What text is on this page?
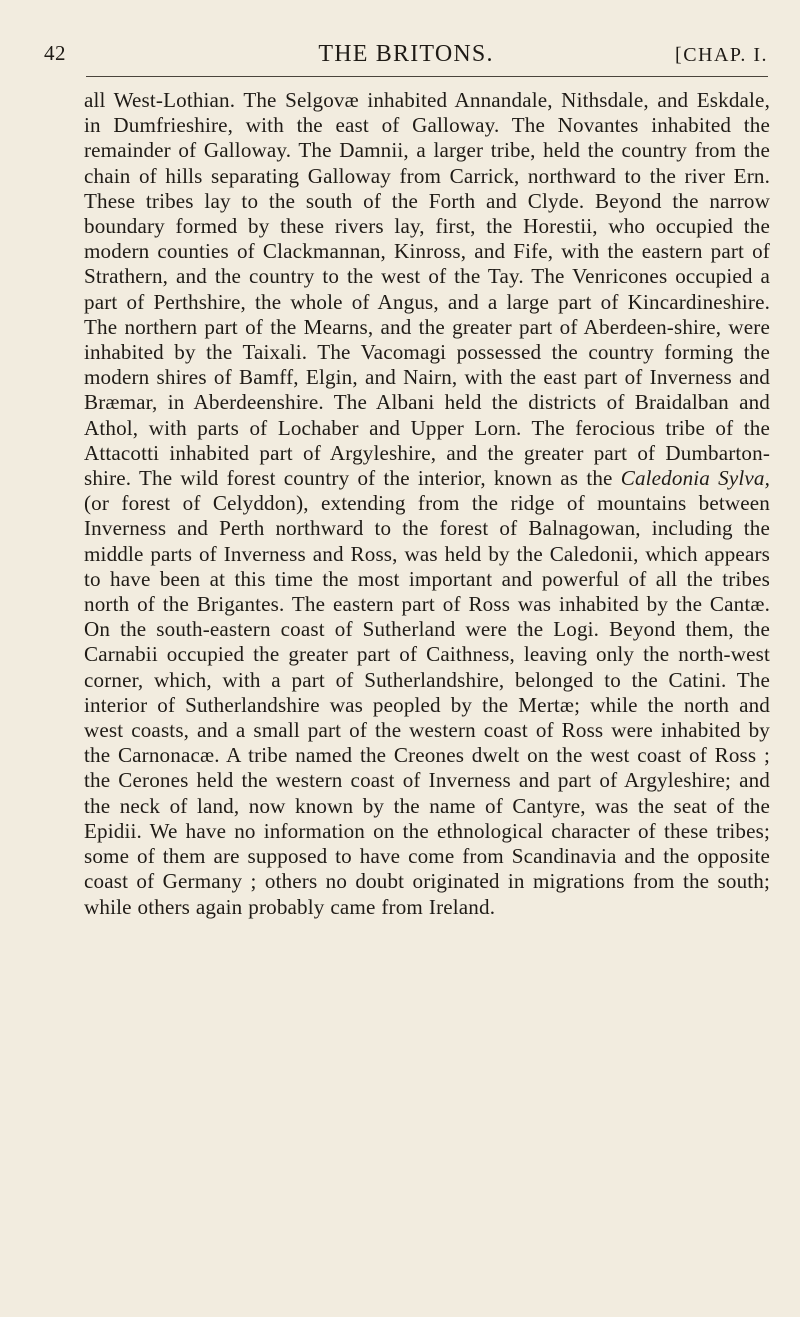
42	THE BRITONS.	[CHAP. I.

all West-Lothian. The Selgovæ inhabited Annandale, Nithsdale, and Eskdale, in Dumfrieshire, with the east of Galloway. The Novantes inhabited the remainder of Galloway. The Damnii, a larger tribe, held the country from the chain of hills separating Galloway from Carrick, northward to the river Ern. These tribes lay to the south of the Forth and Clyde. Beyond the narrow boundary formed by these rivers lay, first, the Horestii, who occupied the modern counties of Clackmannan, Kinross, and Fife, with the eastern part of Strathern, and the country to the west of the Tay. The Venricones occupied a part of Perthshire, the whole of Angus, and a large part of Kincardineshire. The northern part of the Mearns, and the greater part of Aberdeen-shire, were inhabited by the Taixali. The Vacomagi possessed the country forming the modern shires of Bamff, Elgin, and Nairn, with the east part of Inverness and Bræmar, in Aberdeenshire. The Albani held the districts of Braidalban and Athol, with parts of Lochaber and Upper Lorn. The ferocious tribe of the Attacotti inhabited part of Argyleshire, and the greater part of Dumbarton-shire. The wild forest country of the interior, known as the Caledonia Sylva, (or forest of Celyddon), extending from the ridge of mountains between Inverness and Perth northward to the forest of Balnagowan, including the middle parts of Inverness and Ross, was held by the Caledonii, which appears to have been at this time the most important and powerful of all the tribes north of the Brigantes. The eastern part of Ross was inhabited by the Cantæ. On the south-eastern coast of Sutherland were the Logi. Beyond them, the Carnabii occupied the greater part of Caithness, leaving only the north-west corner, which, with a part of Sutherlandshire, belonged to the Catini. The interior of Sutherlandshire was peopled by the Mertæ; while the north and west coasts, and a small part of the western coast of Ross were inhabited by the Carnonacæ. A tribe named the Creones dwelt on the west coast of Ross ; the Cerones held the western coast of Inverness and part of Argyleshire; and the neck of land, now known by the name of Cantyre, was the seat of the Epidii. We have no information on the ethnological character of these tribes; some of them are supposed to have come from Scandinavia and the opposite coast of Germany ; others no doubt originated in migrations from the south; while others again probably came from Ireland.
